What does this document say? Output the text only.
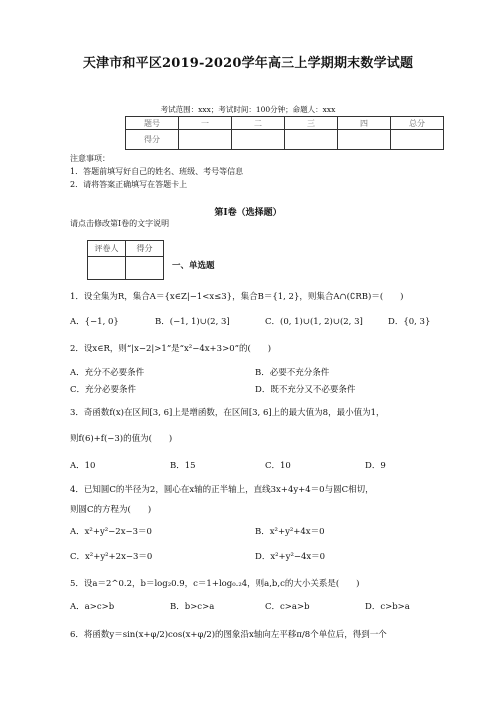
天津市和平区2019-2020学年高三上学期期末数学试题
考试范围：xxx；考试时间：100分钟；命题人：xxx
题号	一	二	三	四	总分
得分					
注意事项：
1．答题前填写好自己的姓名、班级、考号等信息
2．请将答案正确填写在答题卡上
第I卷（选择题）
请点击修改第I卷的文字说明
评卷人	得分

一、单选题
1．设全集为R，集合A＝{x∈Z|−1<x≤3}，集合B＝{1, 2}，则集合A∩(∁RB)＝(　　)
A．{−1, 0}	B．(−1, 1)∪(2, 3]	C．(0, 1)∪(1, 2)∪(2, 3]	D．{0, 3}
2．设x∈R，则“|x−2|>1”是“x²−4x+3>0”的(　　)
A．充分不必要条件	B．必要不充分条件
C．充分必要条件	D．既不充分又不必要条件
3．奇函数f(x)在区间[3, 6]上是增函数，在区间[3, 6]上的最大值为8，最小值为1，
则f(6)+f(−3)的值为(　　)
A．10	B．15	C．10	D．9
4．已知圆C的半径为2，圆心在x轴的正半轴上，直线3x+4y+4＝0与圆C相切，
则圆C的方程为(　　)
A．x²+y²−2x−3＝0	B．x²+y²+4x＝0
C．x²+y²+2x−3＝0	D．x²+y²−4x＝0
5．设a＝2^0.2，b＝log₂0.9，c＝1+log₀.₂4，则a,b,c的大小关系是(　　)
A．a>c>b	B．b>c>a	C．c>a>b	D．c>b>a
6．将函数y＝sin(x+φ/2)cos(x+φ/2)的图象沿x轴向左平移π/8个单位后，得到一个
